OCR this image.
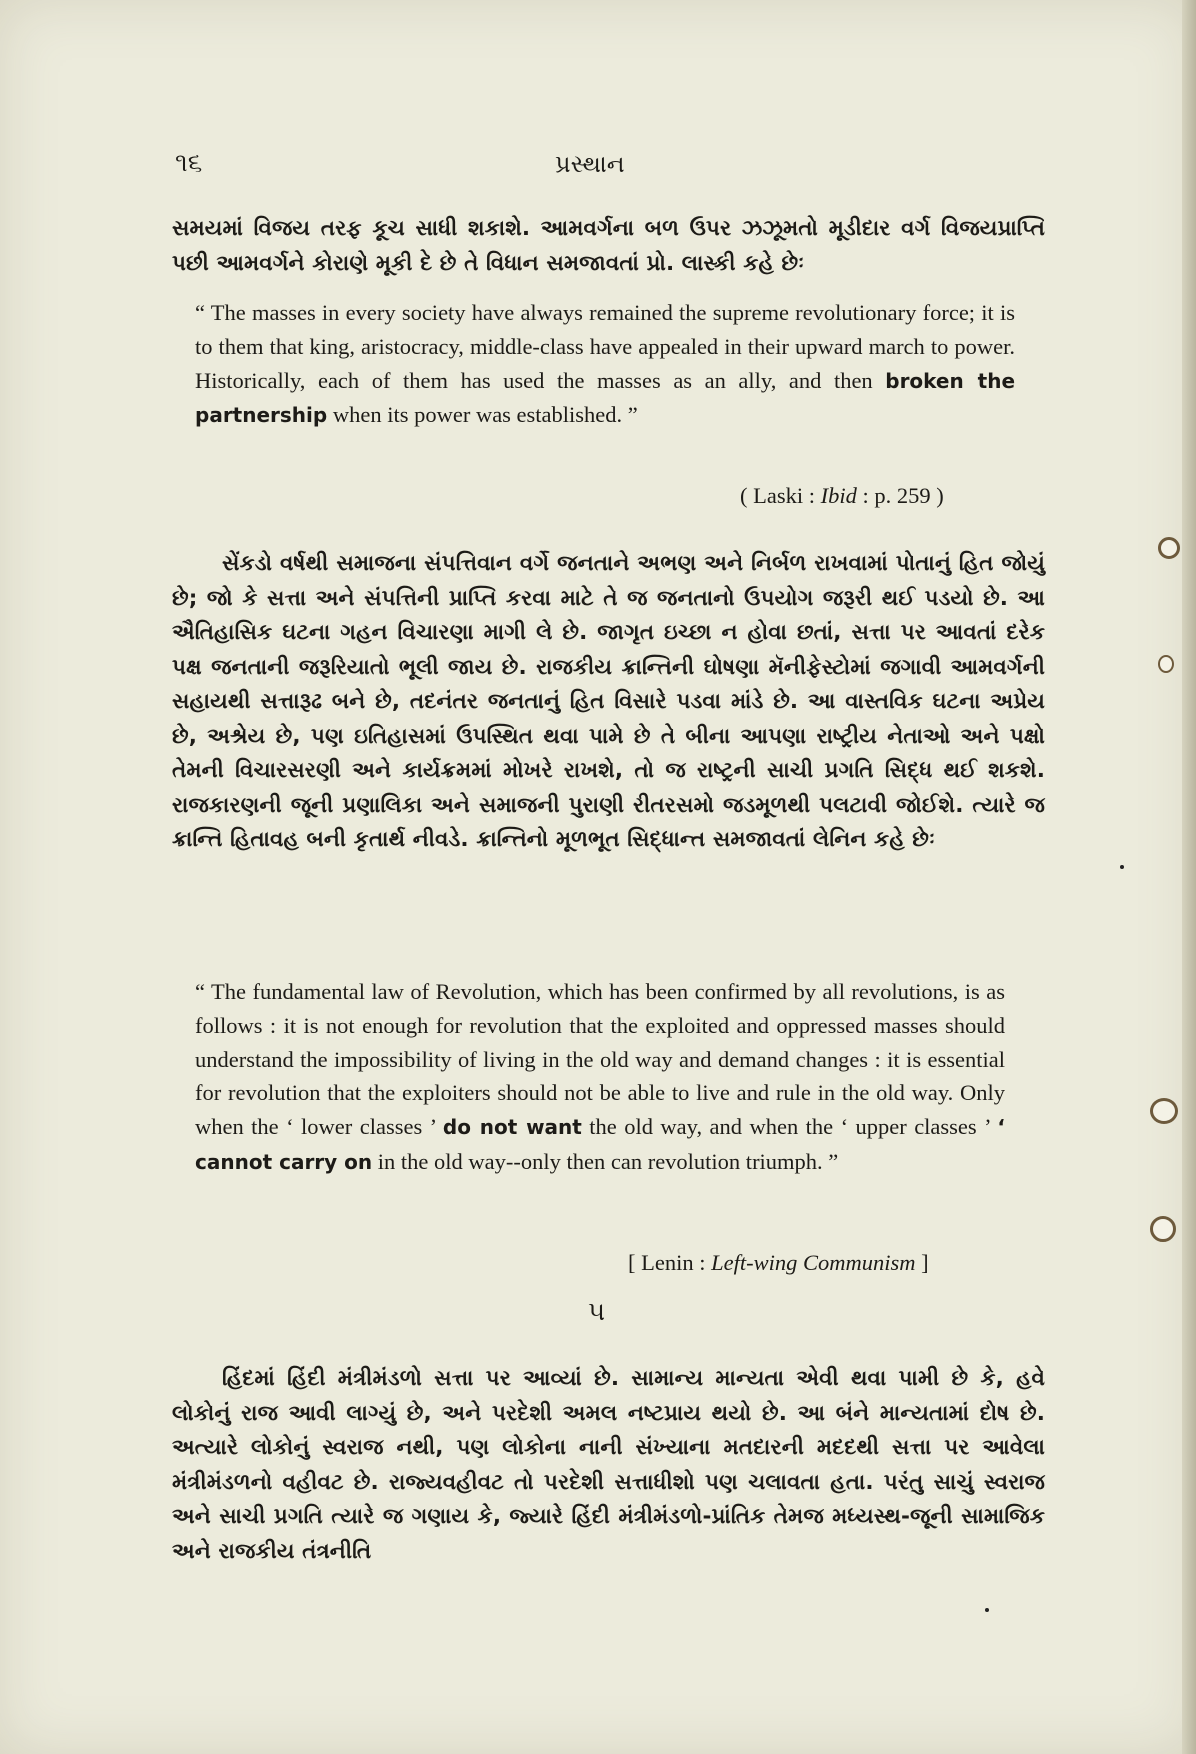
૧૬	પ્રસ્થાન
સમયમાં વિજય તરફ કૂચ સાધી શકાશે. આમવર્ગના બળ ઉપર ઝઝૂમતો મૂડીદાર વર્ગ વિજયપ્રાપ્તિ પછી આમવર્ગને કોરાણે મૂકી દે છે તે વિધાન સમજાવતાં પ્રો. લાસ્કી કહે છેઃ
“ The masses in every society have always remained the supreme revolutionary force; it is to them that king, aristocracy, middle-class have appealed in their upward march to power. Historically, each of them has used the masses as an ally, and then broken the partnership when its power was established. ”
( Laski : Ibid : p. 259 )
સેંકડો વર્ષથી સમાજના સંપત્તિવાન વર્ગે જનતાને અભણ અને નિર્બળ રાખવામાં પોતાનું હિત જોયું છે; જો કે સત્તા અને સંપત્તિની પ્રાપ્તિ કરવા માટે તે જ જનતાનો ઉપયોગ જરૂરી થઈ પડયો છે. આ ઐતિહાસિક ઘટના ગહન વિચારણા માગી લે છે. જાગૃત ઇચ્છા ન હોવા છતાં, સત્તા પર આવતાં દરેક પક્ષ જનતાની જરૂરિયાતો ભૂલી જાય છે. રાજકીય ક્રાન્તિની ઘોષણા મૅનીફેસ્ટોમાં જગાવી આમવર્ગની સહાયથી સત્તારૂઢ બને છે, તદનંતર જનતાનું હિત વિસારે પડવા માંડે છે. આ વાસ્તવિક ઘટના અપ્રેય છે, અશ્રેય છે, પણ ઇતિહાસમાં ઉપસ્થિત થવા પામે છે તે બીના આપણા રાષ્ટ્રીય નેતાઓ અને પક્ષો તેમની વિચારસરણી અને કાર્યક્રમમાં મોખરે રાખશે, તો જ રાષ્ટ્રની સાચી પ્રગતિ સિદ્ધ થઈ શકશે. રાજકારણની જૂની પ્રણાલિકા અને સમાજની પુરાણી રીતરસમો જડમૂળથી પલટાવી જોઈશે. ત્યારે જ ક્રાન્તિ હિતાવહ બની કૃતાર્થ નીવડે. ક્રાન્તિનો મૂળભૂત સિદ્ધાન્ત સમજાવતાં લેનિન કહે છેઃ
“ The fundamental law of Revolution, which has been confirmed by all revolutions, is as follows : it is not enough for revolution that the exploited and oppressed masses should understand the impossibility of living in the old way and demand changes : it is essential for revolution that the exploiters should not be able to live and rule in the old way. Only when the ‘ lower classes ’ do not want the old way, and when the ‘ upper classes ’ ‘ cannot carry on in the old way--only then can revolution triumph. ”
[ Lenin : Left-wing Communism ]
૫
હિંદમાં હિંદી મંત્રીમંડળો સત્તા પર આવ્યાં છે. સામાન્ય માન્યતા એવી થવા પામી છે કે, હવે લોકોનું રાજ આવી લાગ્યું છે, અને પરદેશી અમલ નષ્ટપ્રાય થયો છે. આ બંને માન્યતામાં દોષ છે. અત્યારે લોકોનું સ્વરાજ નથી, પણ લોકોના નાની સંખ્યાના મતદારની મદદથી સત્તા પર આવેલા મંત્રીમંડળનો વહીવટ છે. રાજ્યવહીવટ તો પરદેશી સત્તાધીશો પણ ચલાવતા હતા. પરંતુ સાચું સ્વરાજ અને સાચી પ્રગતિ ત્યારે જ ગણાય કે, જ્યારે હિંદી મંત્રીમંડળો-પ્રાંતિક તેમજ મધ્યસ્થ-જૂની સામાજિક અને રાજકીય તંત્રનીતિ
